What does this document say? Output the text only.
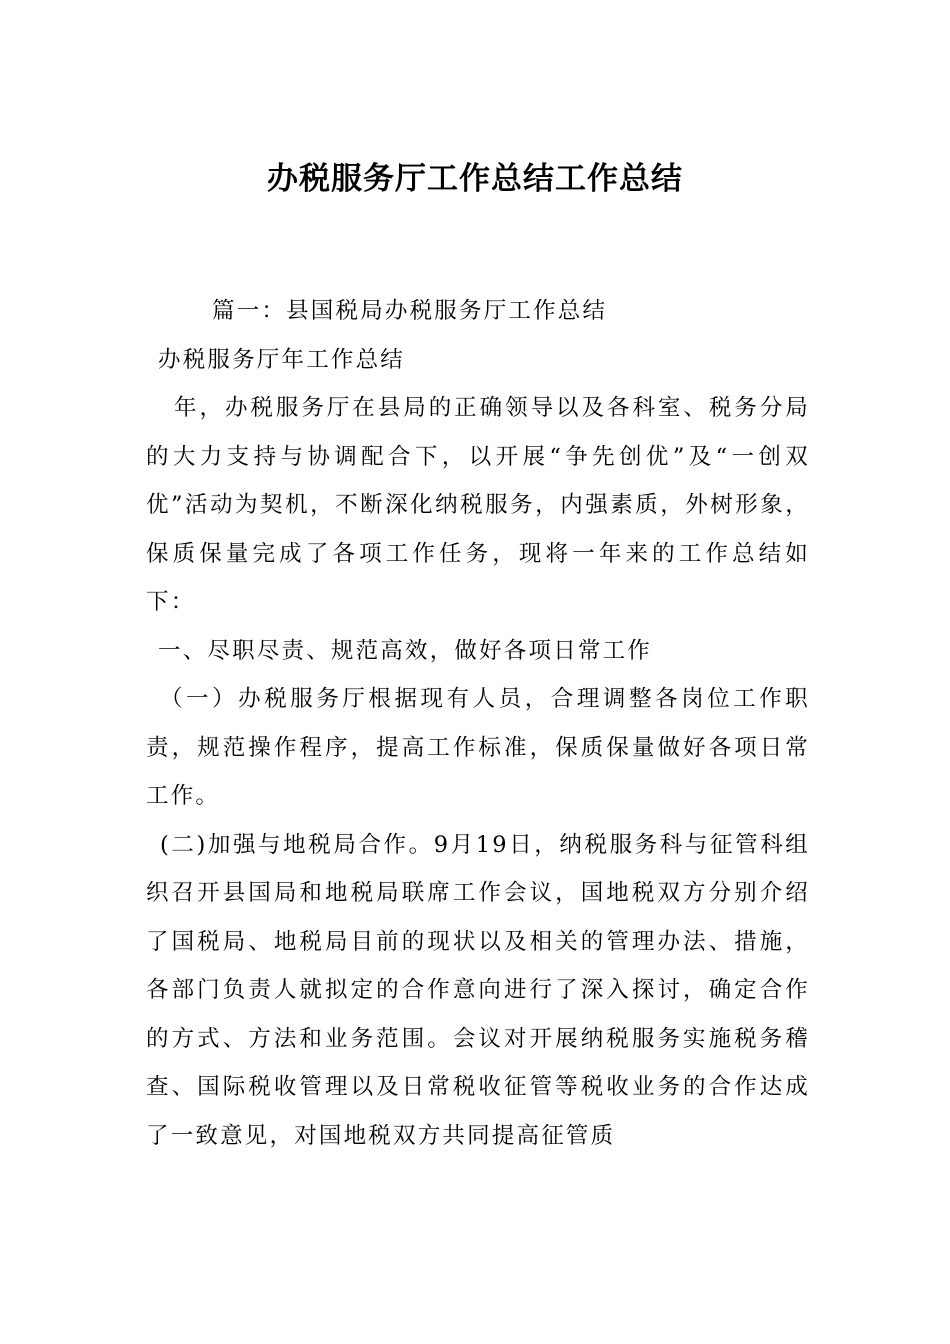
办税服务厅工作总结工作总结

篇一：县国税局办税服务厅工作总结

办税服务厅年工作总结

年，办税服务厅在县局的正确领导以及各科室、税务分局的大力支持与协调配合下，以开展“争先创优”及“一创双优”活动为契机，不断深化纳税服务，内强素质，外树形象，保质保量完成了各项工作任务，现将一年来的工作总结如下：

一、尽职尽责、规范高效，做好各项日常工作

（一）办税服务厅根据现有人员，合理调整各岗位工作职责，规范操作程序，提高工作标准，保质保量做好各项日常工作。

(二)加强与地税局合作。9月19日，纳税服务科与征管科组织召开县国局和地税局联席工作会议，国地税双方分别介绍了国税局、地税局目前的现状以及相关的管理办法、措施，各部门负责人就拟定的合作意向进行了深入探讨，确定合作的方式、方法和业务范围。会议对开展纳税服务实施税务稽查、国际税收管理以及日常税收征管等税收业务的合作达成了一致意见，对国地税双方共同提高征管质
